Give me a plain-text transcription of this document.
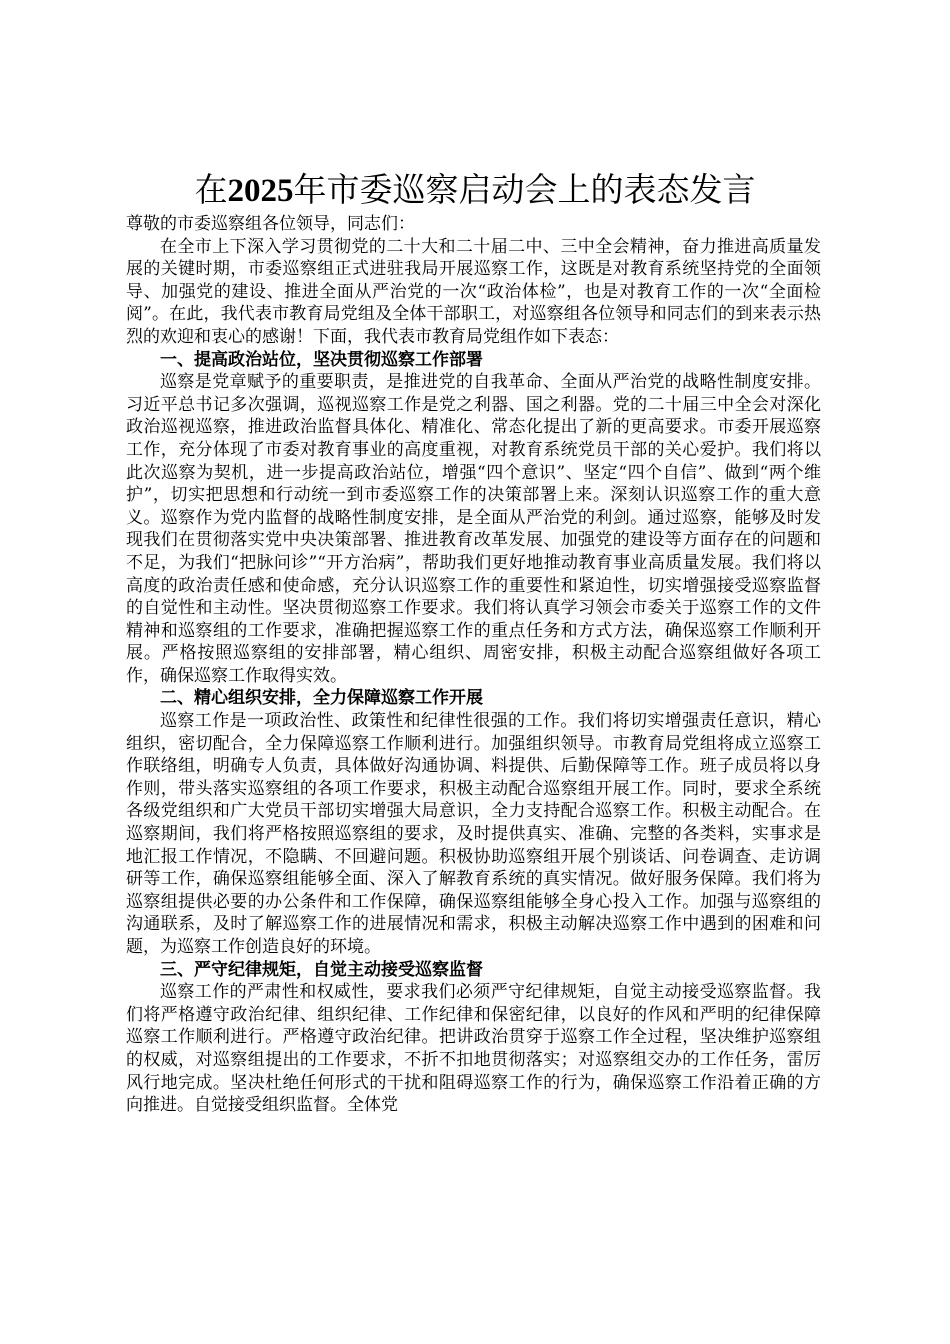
在2025年市委巡察启动会上的表态发言

尊敬的市委巡察组各位领导，同志们：

在全市上下深入学习贯彻党的二十大和二十届二中、三中全会精神，奋力推进高质量发展的关键时期，市委巡察组正式进驻我局开展巡察工作，这既是对教育系统坚持党的全面领导、加强党的建设、推进全面从严治党的一次“政治体检”，也是对教育工作的一次“全面检阅”。在此，我代表市教育局党组及全体干部职工，对巡察组各位领导和同志们的到来表示热烈的欢迎和衷心的感谢！下面，我代表市教育局党组作如下表态：

一、提高政治站位，坚决贯彻巡察工作部署

巡察是党章赋予的重要职责，是推进党的自我革命、全面从严治党的战略性制度安排。习近平总书记多次强调，巡视巡察工作是党之利器、国之利器。党的二十届三中全会对深化政治巡视巡察，推进政治监督具体化、精准化、常态化提出了新的更高要求。市委开展巡察工作，充分体现了市委对教育事业的高度重视，对教育系统党员干部的关心爱护。我们将以此次巡察为契机，进一步提高政治站位，增强“四个意识”、坚定“四个自信”、做到“两个维护”，切实把思想和行动统一到市委巡察工作的决策部署上来。深刻认识巡察工作的重大意义。巡察作为党内监督的战略性制度安排，是全面从严治党的利剑。通过巡察，能够及时发现我们在贯彻落实党中央决策部署、推进教育改革发展、加强党的建设等方面存在的问题和不足，为我们“把脉问诊”“开方治病”，帮助我们更好地推动教育事业高质量发展。我们将以高度的政治责任感和使命感，充分认识巡察工作的重要性和紧迫性，切实增强接受巡察监督的自觉性和主动性。坚决贯彻巡察工作要求。我们将认真学习领会市委关于巡察工作的文件精神和巡察组的工作要求，准确把握巡察工作的重点任务和方式方法，确保巡察工作顺利开展。严格按照巡察组的安排部署，精心组织、周密安排，积极主动配合巡察组做好各项工作，确保巡察工作取得实效。

二、精心组织安排，全力保障巡察工作开展

巡察工作是一项政治性、政策性和纪律性很强的工作。我们将切实增强责任意识，精心组织，密切配合，全力保障巡察工作顺利进行。加强组织领导。市教育局党组将成立巡察工作联络组，明确专人负责，具体做好沟通协调、料提供、后勤保障等工作。班子成员将以身作则，带头落实巡察组的各项工作要求，积极主动配合巡察组开展工作。同时，要求全系统各级党组织和广大党员干部切实增强大局意识，全力支持配合巡察工作。积极主动配合。在巡察期间，我们将严格按照巡察组的要求，及时提供真实、准确、完整的各类料，实事求是地汇报工作情况，不隐瞒、不回避问题。积极协助巡察组开展个别谈话、问卷调查、走访调研等工作，确保巡察组能够全面、深入了解教育系统的真实情况。做好服务保障。我们将为巡察组提供必要的办公条件和工作保障，确保巡察组能够全身心投入工作。加强与巡察组的沟通联系，及时了解巡察工作的进展情况和需求，积极主动解决巡察工作中遇到的困难和问题，为巡察工作创造良好的环境。

三、严守纪律规矩，自觉主动接受巡察监督

巡察工作的严肃性和权威性，要求我们必须严守纪律规矩，自觉主动接受巡察监督。我们将严格遵守政治纪律、组织纪律、工作纪律和保密纪律，以良好的作风和严明的纪律保障巡察工作顺利进行。严格遵守政治纪律。把讲政治贯穿于巡察工作全过程，坚决维护巡察组的权威，对巡察组提出的工作要求，不折不扣地贯彻落实；对巡察组交办的工作任务，雷厉风行地完成。坚决杜绝任何形式的干扰和阻碍巡察工作的行为，确保巡察工作沿着正确的方向推进。自觉接受组织监督。全体党
